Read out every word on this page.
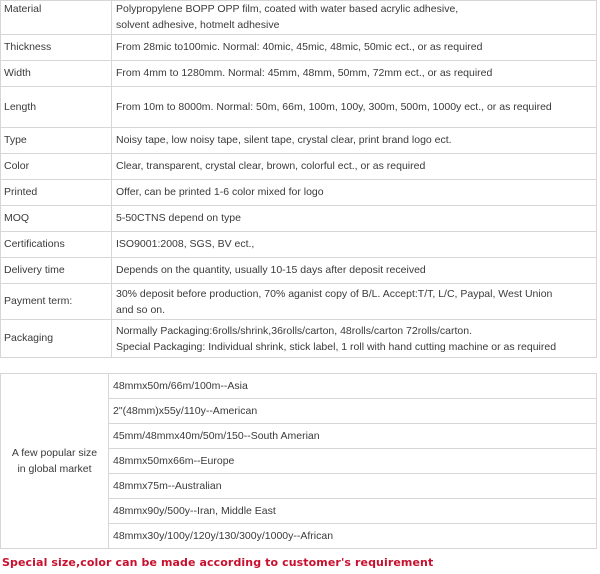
Material	Polypropylene BOPP OPP film, coated with water based acrylic adhesive,
solvent adhesive, hotmelt adhesive

Thickness	From 28mic to100mic. Normal: 40mic, 45mic, 48mic, 50mic ect., or as required
Width	From 4mm to 1280mm. Normal: 45mm, 48mm, 50mm, 72mm ect., or as required
Length	From 10m to 8000m. Normal: 50m, 66m, 100m, 100y, 300m, 500m, 1000y ect., or as required
Type	Noisy tape, low noisy tape, silent tape, crystal clear, print brand logo ect.
Color	Clear, transparent, crystal clear, brown, colorful ect., or as required
Printed	Offer, can be printed 1-6 color mixed for logo
MOQ	5-50CTNS depend on type
Certifications	ISO9001:2008, SGS, BV ect.,
Delivery time	Depends on the quantity, usually 10-15 days after deposit received
Payment term:	30% deposit before production, 70% aganist copy of B/L. Accept:T/T, L/C, Paypal, West Union
and so on.

Packaging	Normally Packaging:6rolls/shrink,36rolls/carton, 48rolls/carton 72rolls/carton.
Special Packaging: Individual shrink, stick label, 1 roll with hand cutting machine or as required
A few popular size
in global market
	48mmx50m/66m/100m--Asia
2"(48mm)x55y/110y--American
45mm/48mmx40m/50m/150--South Amerian
48mmx50mx66m--Europe
48mmx75m--Australian
48mmx90y/500y--Iran, Middle East
48mmx30y/100y/120y/130/300y/1000y--African
Special size,color can be made according to customer's requirement
